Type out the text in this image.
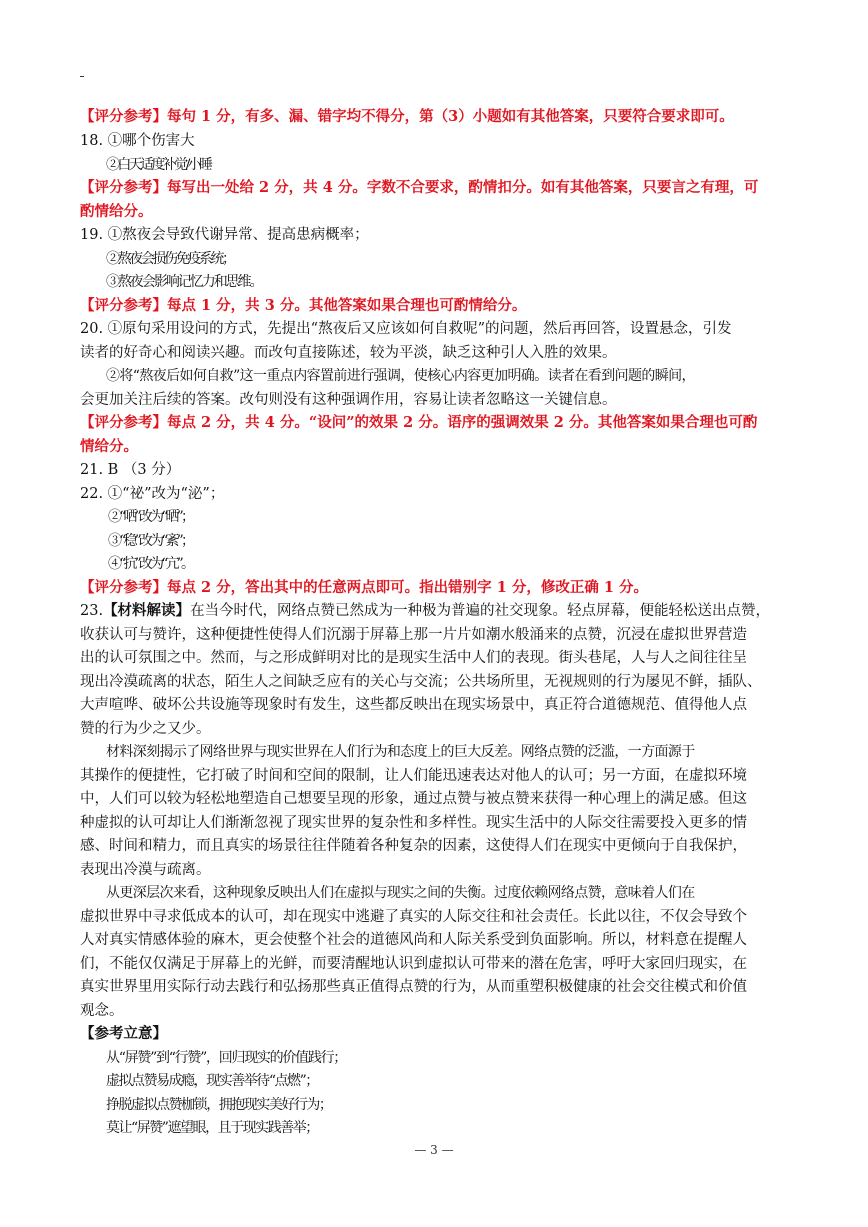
【评分参考】每句 1 分，有多、漏、错字均不得分，第（3）小题如有其他答案，只要符合要求即可。
18. ①哪个伤害大
②白天适度补觉/小睡
【评分参考】每写出一处给 2 分，共 4 分。字数不合要求，酌情扣分。如有其他答案，只要言之有理，可
酌情给分。
19. ①熬夜会导致代谢异常、提高患病概率；
②熬夜会损伤免疫系统；
③熬夜会影响记忆力和思维。
【评分参考】每点 1 分，共 3 分。其他答案如果合理也可酌情给分。
20. ①原句采用设问的方式，先提出“熬夜后又应该如何自救呢”的问题，然后再回答，设置悬念，引发
读者的好奇心和阅读兴趣。而改句直接陈述，较为平淡，缺乏这种引人入胜的效果。
②将“熬夜后如何自救”这一重点内容置前进行强调，使核心内容更加明确。读者在看到问题的瞬间，
会更加关注后续的答案。改句则没有这种强调作用，容易让读者忽略这一关键信息。
【评分参考】每点 2 分，共 4 分。“设问”的效果 2 分。语序的强调效果 2 分。其他答案如果合理也可酌
情给分。
21. B （3 分）
22. ①“祕”改为“泌”；
②“哂”改为“晒”；
③“稳”改为“紊”；
④“抗”改为“亢”。
【评分参考】每点 2 分，答出其中的任意两点即可。指出错别字 1 分，修改正确 1 分。
23.【材料解读】在当今时代，网络点赞已然成为一种极为普遍的社交现象。轻点屏幕，便能轻松送出点赞，
收获认可与赞许，这种便捷性使得人们沉溺于屏幕上那一片片如潮水般涌来的点赞，沉浸在虚拟世界营造
出的认可氛围之中。然而，与之形成鲜明对比的是现实生活中人们的表现。街头巷尾，人与人之间往往呈
现出冷漠疏离的状态，陌生人之间缺乏应有的关心与交流；公共场所里，无视规则的行为屡见不鲜，插队、
大声喧哗、破坏公共设施等现象时有发生，这些都反映出在现实场景中，真正符合道德规范、值得他人点
赞的行为少之又少。
材料深刻揭示了网络世界与现实世界在人们行为和态度上的巨大反差。网络点赞的泛滥，一方面源于
其操作的便捷性，它打破了时间和空间的限制，让人们能迅速表达对他人的认可；另一方面，在虚拟环境
中，人们可以较为轻松地塑造自己想要呈现的形象，通过点赞与被点赞来获得一种心理上的满足感。但这
种虚拟的认可却让人们渐渐忽视了现实世界的复杂性和多样性。现实生活中的人际交往需要投入更多的情
感、时间和精力，而且真实的场景往往伴随着各种复杂的因素，这使得人们在现实中更倾向于自我保护，
表现出冷漠与疏离。
从更深层次来看，这种现象反映出人们在虚拟与现实之间的失衡。过度依赖网络点赞，意味着人们在
虚拟世界中寻求低成本的认可，却在现实中逃避了真实的人际交往和社会责任。长此以往，不仅会导致个
人对真实情感体验的麻木，更会使整个社会的道德风尚和人际关系受到负面影响。所以，材料意在提醒人
们，不能仅仅满足于屏幕上的光鲜，而要清醒地认识到虚拟认可带来的潜在危害，呼吁大家回归现实，在
真实世界里用实际行动去践行和弘扬那些真正值得点赞的行为，从而重塑积极健康的社会交往模式和价值
观念。
【参考立意】
从“屏赞”到“行赞”，回归现实的价值践行；
虚拟点赞易成瘾，现实善举待“点燃”；
挣脱虚拟点赞枷锁，拥抱现实美好行为；
莫让“屏赞”遮望眼，且于现实践善举；
— 3 —
